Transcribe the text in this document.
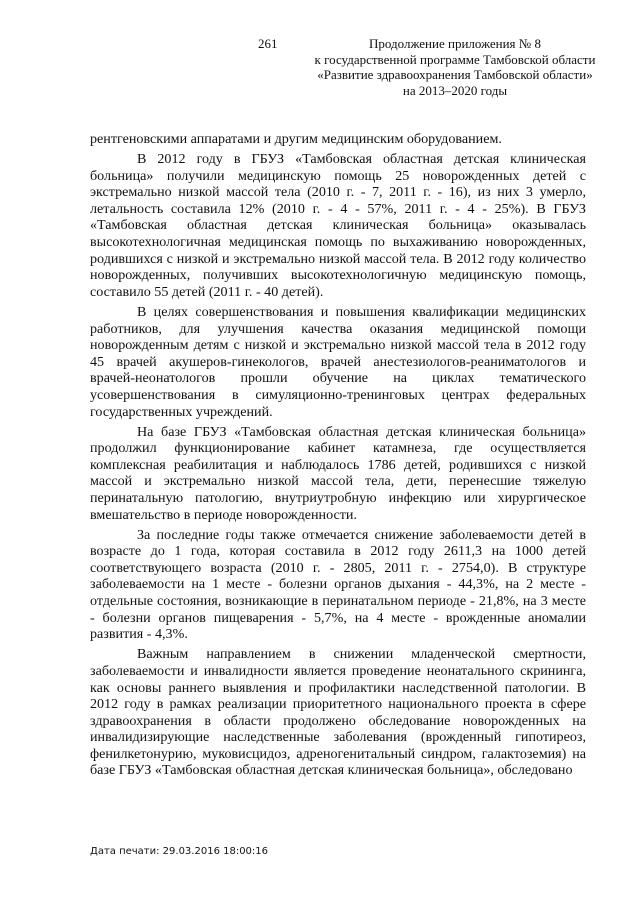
261	Продолжение приложения № 8
к государственной программе Тамбовской области
«Развитие здравоохранения Тамбовской области»
на 2013–2020 годы

рентгеновскими аппаратами и другим медицинским оборудованием.

В 2012 году в ГБУЗ «Тамбовская областная детская клиническая больница» получили медицинскую помощь 25 новорожденных детей с экстремально низкой массой тела (2010 г. - 7, 2011 г. - 16), из них 3 умерло, летальность составила 12% (2010 г. - 4 - 57%, 2011 г. - 4 - 25%). В ГБУЗ «Тамбовская областная детская клиническая больница» оказывалась высокотехнологичная медицинская помощь по выхаживанию новорожденных, родившихся с низкой и экстремально низкой массой тела. В 2012 году количество новорожденных, получивших высокотехнологичную медицинскую помощь, составило 55 детей (2011 г. - 40 детей).

В целях совершенствования и повышения квалификации медицинских работников, для улучшения качества оказания медицинской помощи новорожденным детям с низкой и экстремально низкой массой тела в 2012 году 45 врачей акушеров-гинекологов, врачей анестезиологов-реаниматологов и врачей-неонатологов прошли обучение на циклах тематического усовершенствования в симуляционно-тренинговых центрах федеральных государственных учреждений.

На базе ГБУЗ «Тамбовская областная детская клиническая больница» продолжил функционирование кабинет катамнеза, где осуществляется комплексная реабилитация и наблюдалось 1786 детей, родившихся с низкой массой и экстремально низкой массой тела, дети, перенесшие тяжелую перинатальную патологию, внутриутробную инфекцию или хирургическое вмешательство в периоде новорожденности.

За последние годы также отмечается снижение заболеваемости детей в возрасте до 1 года, которая составила в 2012 году 2611,3 на 1000 детей соответствующего возраста (2010 г. - 2805, 2011 г. - 2754,0). В структуре заболеваемости на 1 месте - болезни органов дыхания - 44,3%, на 2 месте - отдельные состояния, возникающие в перинатальном периоде - 21,8%, на 3 месте - болезни органов пищеварения - 5,7%, на 4 месте - врожденные аномалии развития - 4,3%.

Важным направлением в снижении младенческой смертности, заболеваемости и инвалидности является проведение неонатального скрининга, как основы раннего выявления и профилактики наследственной патологии. В 2012 году в рамках реализации приоритетного национального проекта в сфере здравоохранения в области продолжено обследование новорожденных на инвалидизирующие наследственные заболевания (врожденный гипотиреоз, фенилкетонурию, муковисцидоз, адреногенитальный синдром, галактоземия) на базе ГБУЗ «Тамбовская областная детская клиническая больница», обследовано

Дата печати: 29.03.2016 18:00:16
